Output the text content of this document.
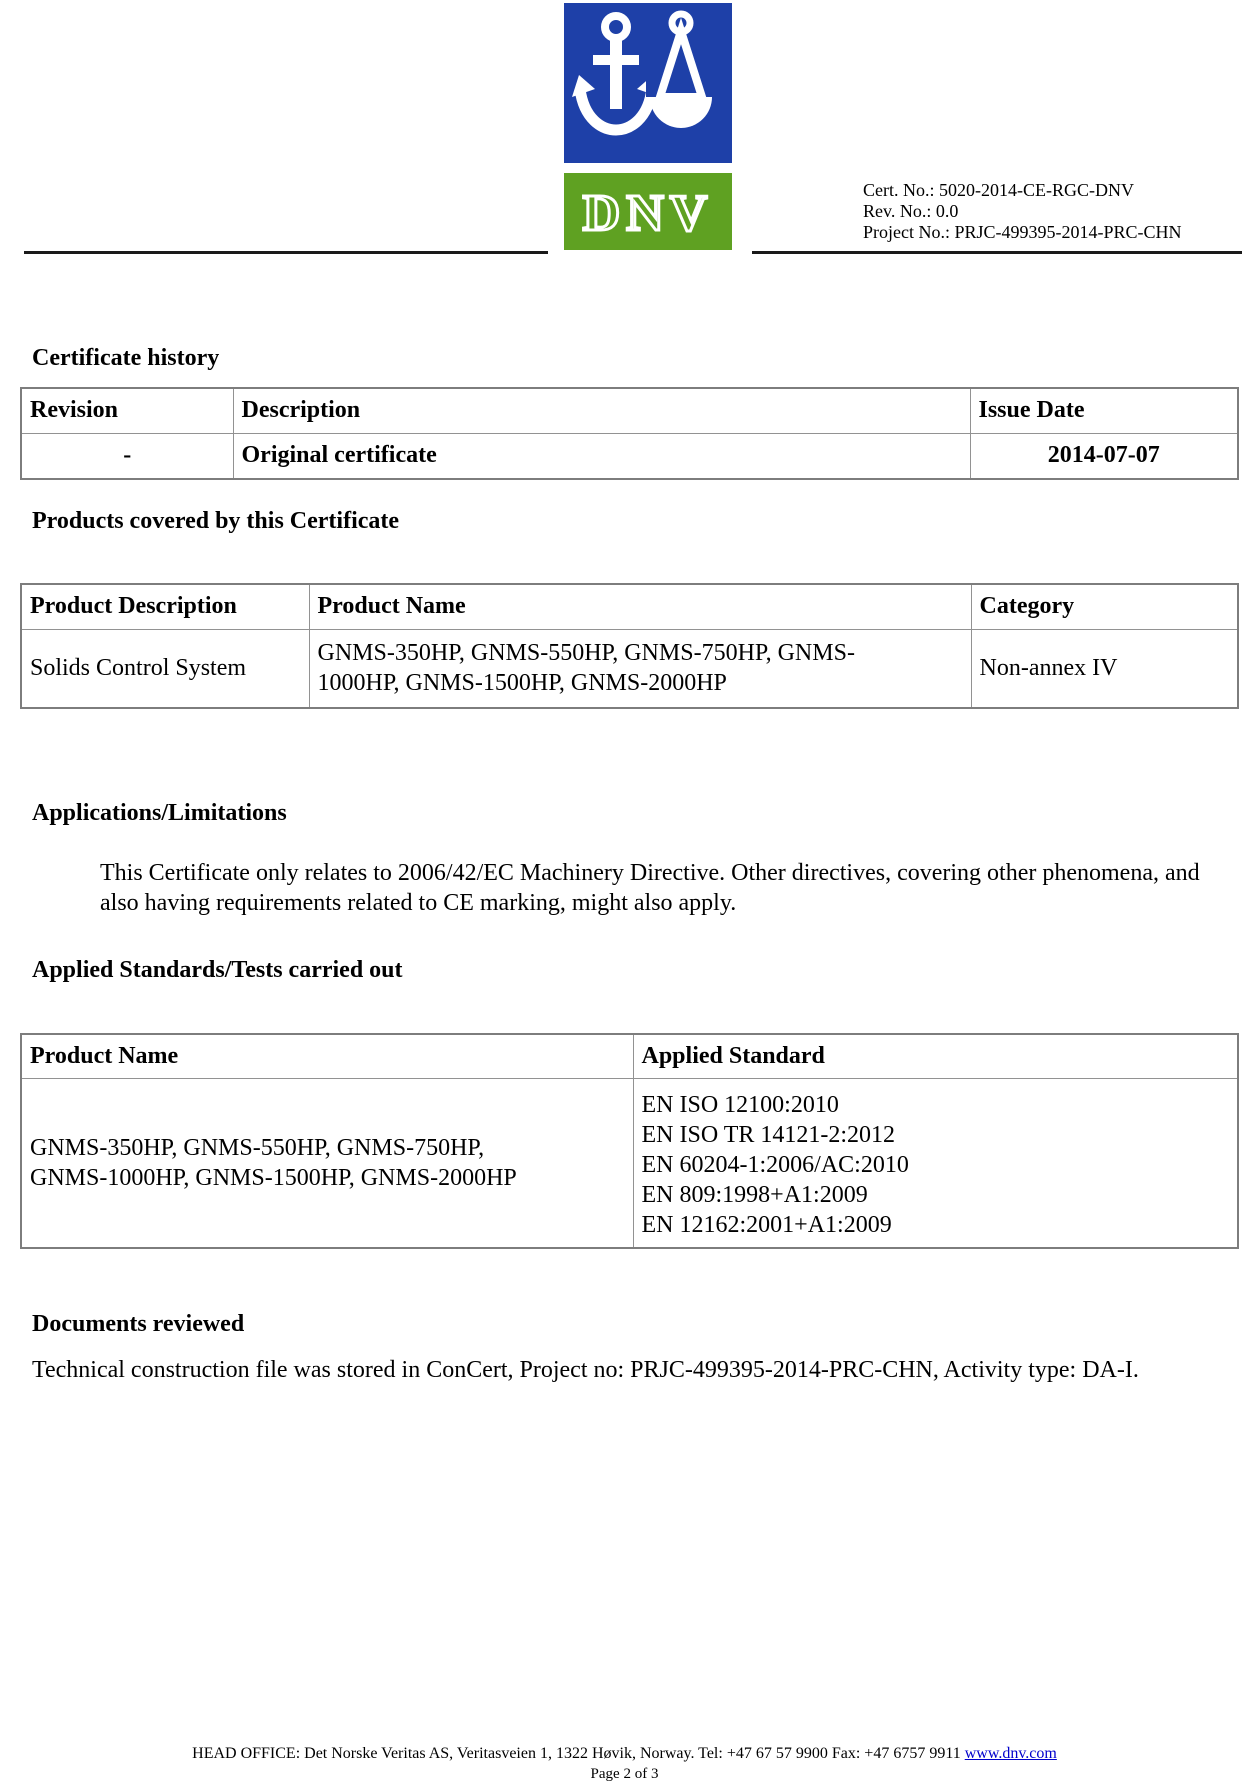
DNV	Cert. No.: 5020-2014-CE-RGC-DNV
Rev. No.: 0.0
Project No.: PRJC-499395-2014-PRC-CHN
Certificate history
Revision	Description	Issue Date
-	Original certificate	2014-07-07
Products covered by this Certificate
Product Description	Product Name	Category
Solids Control System	GNMS-350HP, GNMS-550HP, GNMS-750HP, GNMS-1000HP, GNMS-1500HP, GNMS-2000HP	Non-annex IV
Applications/Limitations
This Certificate only relates to 2006/42/EC Machinery Directive. Other directives, covering other phenomena, and also having requirements related to CE marking, might also apply.
Applied Standards/Tests carried out
Product Name	Applied Standard

GNMS-350HP, GNMS-550HP, GNMS-750HP, GNMS-1000HP, GNMS-1500HP, GNMS-2000HP	EN ISO 12100:2010
EN ISO TR 14121-2:2012
EN 60204-1:2006/AC:2010
EN 809:1998+A1:2009
EN 12162:2001+A1:2009
Documents reviewed
Technical construction file was stored in ConCert, Project no: PRJC-499395-2014-PRC-CHN, Activity type: DA-I.
HEAD OFFICE: Det Norske Veritas AS, Veritasveien 1, 1322 Høvik, Norway. Tel: +47 67 57 9900 Fax: +47 6757 9911 www.dnv.com
Page 2 of 3
